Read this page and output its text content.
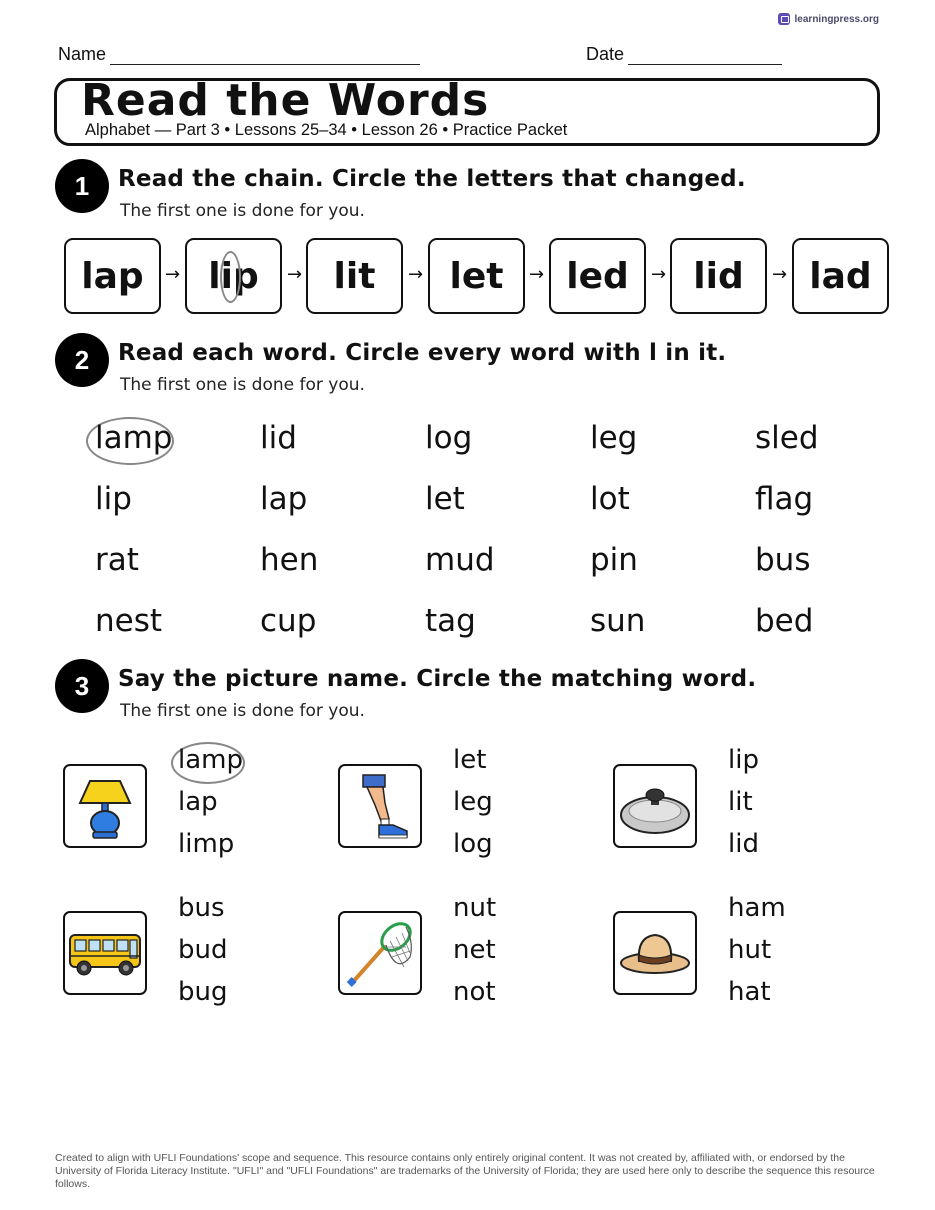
learningpress.org
Name	Date
Read the Words
Alphabet — Part 3 • Lessons 25–34 • Lesson 26 • Practice Packet
1	Read the chain. Circle the letters that changed.
The first one is done for you.
lap → lip → lit → let → led → lid → lad
2	Read each word. Circle every word with l in it.
The first one is done for you.
lamp	lid	log	leg	sled
lip	lap	let	lot	flag
rat	hen	mud	pin	bus
nest	cup	tag	sun	bed
3	Say the picture name. Circle the matching word.
The first one is done for you.
lamp
lap
limp
let
leg
log
lip
lit
lid
bus
bud
bug
nut
net
not
ham
hut
hat
Created to align with UFLI Foundations' scope and sequence. This resource contains only entirely original content. It was not created by, affiliated with, or endorsed by the University of Florida Literacy Institute. "UFLI" and "UFLI Foundations" are trademarks of the University of Florida; they are used here only to describe the sequence this resource follows.
